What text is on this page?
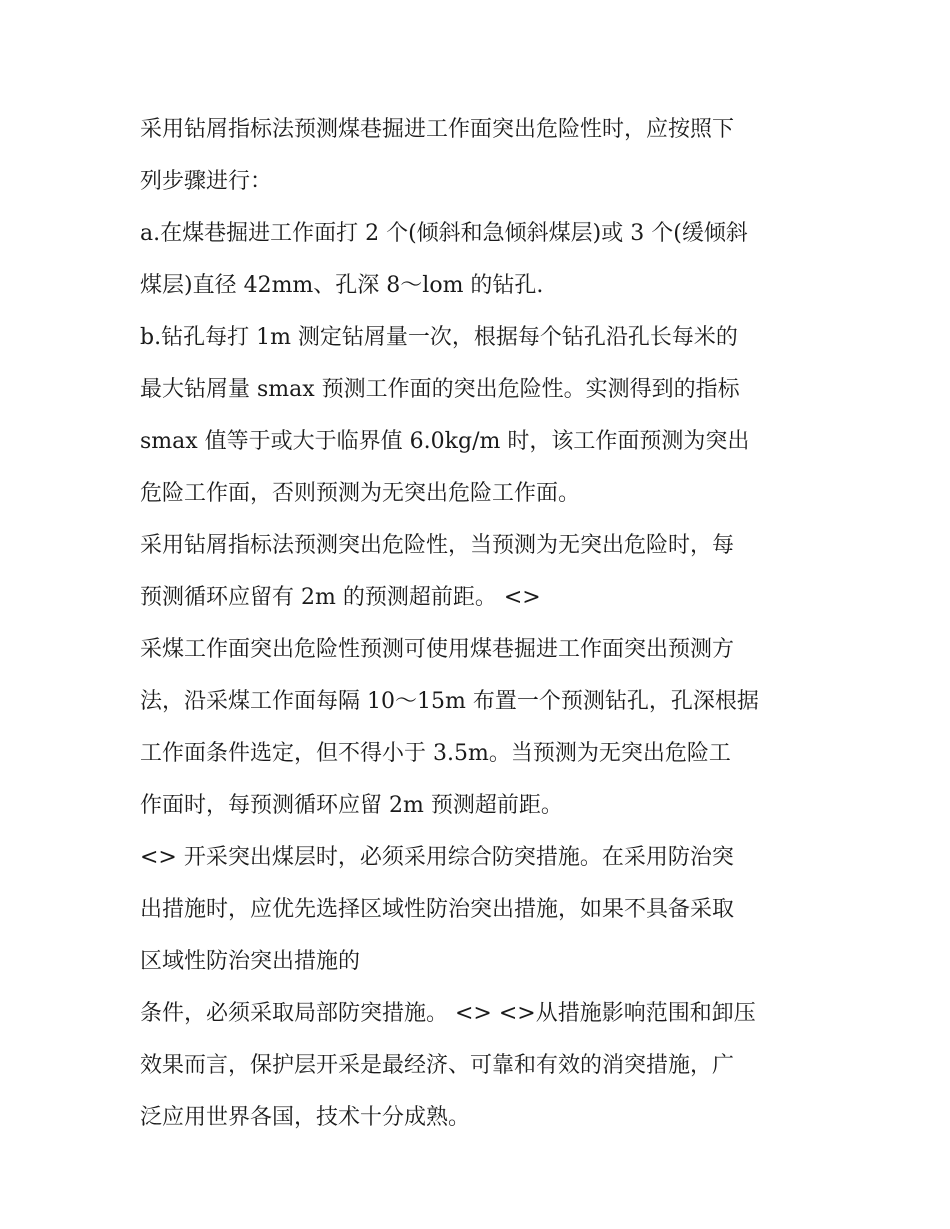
采用钻屑指标法预测煤巷掘进工作面突出危险性时，应按照下
列步骤进行：
a.在煤巷掘进工作面打 2 个(倾斜和急倾斜煤层)或 3 个(缓倾斜
煤层)直径 42mm、孔深 8～lom 的钻孔.
b.钻孔每打 1m 测定钻屑量一次，根据每个钻孔沿孔长每米的
最大钻屑量 smax 预测工作面的突出危险性。实测得到的指标
smax 值等于或大于临界值 6.0kg/m 时，该工作面预测为突出
危险工作面，否则预测为无突出危险工作面。
采用钻屑指标法预测突出危险性，当预测为无突出危险时，每
预测循环应留有 2m 的预测超前距。 <>
采煤工作面突出危险性预测可使用煤巷掘进工作面突出预测方
法，沿采煤工作面每隔 10～15m 布置一个预测钻孔，孔深根据
工作面条件选定，但不得小于 3.5m。当预测为无突出危险工
作面时，每预测循环应留 2m 预测超前距。
<> 开采突出煤层时，必须采用综合防突措施。在采用防治突
出措施时，应优先选择区域性防治突出措施，如果不具备采取
区域性防治突出措施的
条件，必须采取局部防突措施。 <> <>从措施影响范围和卸压
效果而言，保护层开采是最经济、可靠和有效的消突措施，广
泛应用世界各国，技术十分成熟。
